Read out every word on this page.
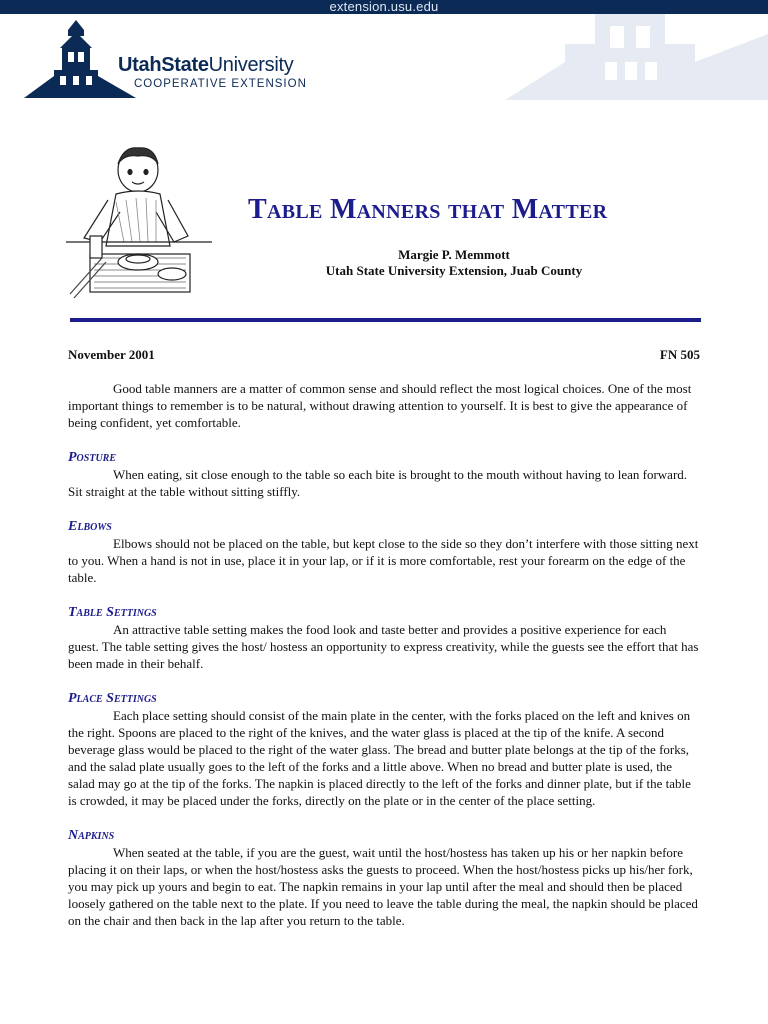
extension.usu.edu
UtahStateUniversity
COOPERATIVE EXTENSION
Table Manners that Matter
Margie P. Memmott
Utah State University Extension, Juab County
November 2001	FN 505

Good table manners are a matter of common sense and should reflect the most logical choices. One of the most important things to remember is to be natural, without drawing attention to yourself. It is best to give the appearance of being confident, yet comfortable.

Posture

When eating, sit close enough to the table so each bite is brought to the mouth without having to lean forward. Sit straight at the table without sitting stiffly.

Elbows

Elbows should not be placed on the table, but kept close to the side so they don’t interfere with those sitting next to you. When a hand is not in use, place it in your lap, or if it is more comfortable, rest your forearm on the edge of the table.

Table Settings

An attractive table setting makes the food look and taste better and provides a positive experience for each guest. The table setting gives the host/ hostess an opportunity to express creativity, while the guests see the effort that has been made in their behalf.

Place Settings

Each place setting should consist of the main plate in the center, with the forks placed on the left and knives on the right. Spoons are placed to the right of the knives, and the water glass is placed at the tip of the knife. A second beverage glass would be placed to the right of the water glass. The bread and butter plate belongs at the tip of the forks, and the salad plate usually goes to the left of the forks and a little above. When no bread and butter plate is used, the salad may go at the tip of the forks. The napkin is placed directly to the left of the forks and dinner plate, but if the table is crowded, it may be placed under the forks, directly on the plate or in the center of the place setting.

Napkins

When seated at the table, if you are the guest, wait until the host/hostess has taken up his or her napkin before placing it on their laps, or when the host/hostess asks the guests to proceed. When the host/hostess picks up his/her fork, you may pick up yours and begin to eat. The napkin remains in your lap until after the meal and should then be placed loosely gathered on the table next to the plate. If you need to leave the table during the meal, the napkin should be placed on the chair and then back in the lap after you return to the table.
